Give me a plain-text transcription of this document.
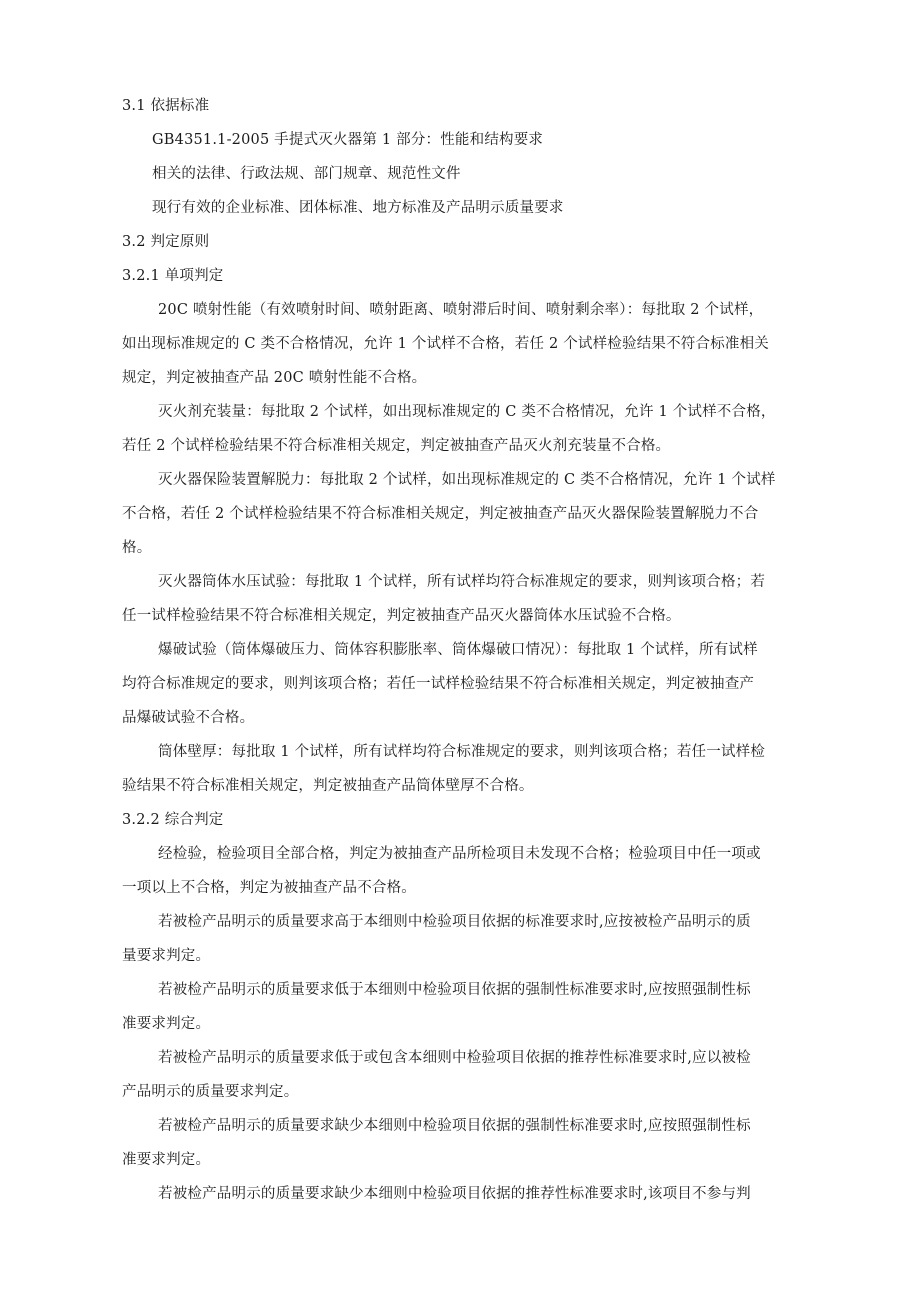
3.1 依据标准
GB4351.1-2005 手提式灭火器第 1 部分：性能和结构要求
相关的法律、行政法规、部门规章、规范性文件
现行有效的企业标准、团体标准、地方标准及产品明示质量要求
3.2 判定原则
3.2.1 单项判定
20C 喷射性能（有效喷射时间、喷射距离、喷射滞后时间、喷射剩余率）：每批取 2 个试样，
如出现标准规定的 C 类不合格情况，允许 1 个试样不合格，若任 2 个试样检验结果不符合标准相关
规定，判定被抽查产品 20C 喷射性能不合格。
灭火剂充装量：每批取 2 个试样，如出现标准规定的 C 类不合格情况，允许 1 个试样不合格，
若任 2 个试样检验结果不符合标准相关规定，判定被抽查产品灭火剂充装量不合格。
灭火器保险装置解脱力：每批取 2 个试样，如出现标准规定的 C 类不合格情况，允许 1 个试样
不合格，若任 2 个试样检验结果不符合标准相关规定，判定被抽查产品灭火器保险装置解脱力不合
格。
灭火器筒体水压试验：每批取 1 个试样，所有试样均符合标准规定的要求，则判该项合格；若
任一试样检验结果不符合标准相关规定，判定被抽查产品灭火器筒体水压试验不合格。
爆破试验（筒体爆破压力、筒体容积膨胀率、筒体爆破口情况）：每批取 1 个试样，所有试样
均符合标准规定的要求，则判该项合格；若任一试样检验结果不符合标准相关规定，判定被抽查产
品爆破试验不合格。
筒体壁厚：每批取 1 个试样，所有试样均符合标准规定的要求，则判该项合格；若任一试样检
验结果不符合标准相关规定，判定被抽查产品筒体壁厚不合格。
3.2.2 综合判定
经检验，检验项目全部合格，判定为被抽查产品所检项目未发现不合格；检验项目中任一项或
一项以上不合格，判定为被抽查产品不合格。
若被检产品明示的质量要求高于本细则中检验项目依据的标准要求时,应按被检产品明示的质
量要求判定。
若被检产品明示的质量要求低于本细则中检验项目依据的强制性标准要求时,应按照强制性标
准要求判定。
若被检产品明示的质量要求低于或包含本细则中检验项目依据的推荐性标准要求时,应以被检
产品明示的质量要求判定。
若被检产品明示的质量要求缺少本细则中检验项目依据的强制性标准要求时,应按照强制性标
准要求判定。
若被检产品明示的质量要求缺少本细则中检验项目依据的推荐性标准要求时,该项目不参与判
